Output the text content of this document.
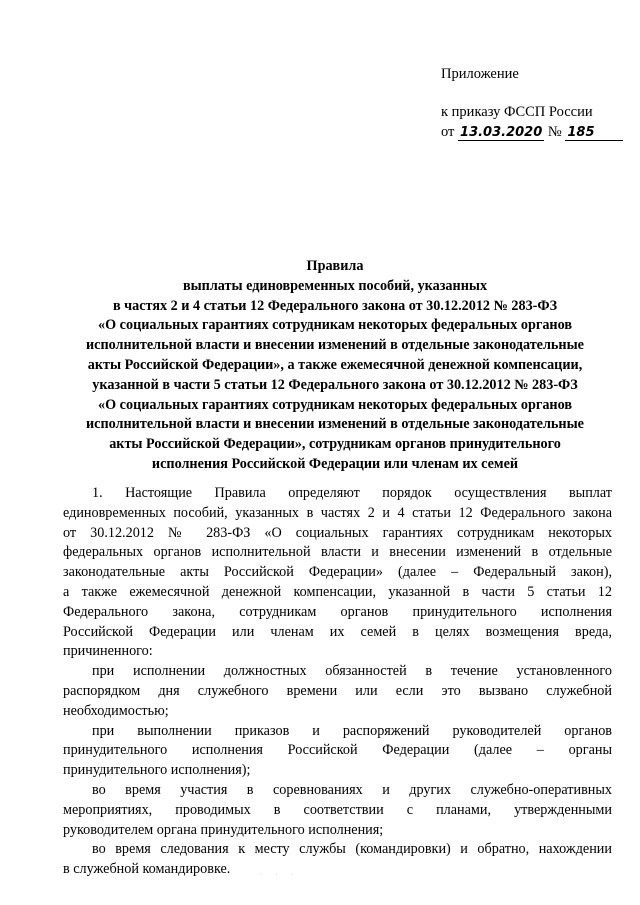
Приложение
к приказу ФССП России
от 13.03.2020 № 185
Правила
выплаты единовременных пособий, указанных
в частях 2 и 4 статьи 12 Федерального закона от 30.12.2012 № 283-ФЗ
«О социальных гарантиях сотрудникам некоторых федеральных органов
исполнительной власти и внесении изменений в отдельные законодательные
акты Российской Федерации», а также ежемесячной денежной компенсации,
указанной в части 5 статьи 12 Федерального закона от 30.12.2012 № 283-ФЗ
«О социальных гарантиях сотрудникам некоторых федеральных органов
исполнительной власти и внесении изменений в отдельные законодательные
акты Российской Федерации», сотрудникам органов принудительного
исполнения Российской Федерации или членам их семей
1. Настоящие Правила определяют порядок осуществления выплат
единовременных пособий, указанных в частях 2 и 4 статьи 12 Федерального закона
от 30.12.2012 № 283-ФЗ «О социальных гарантиях сотрудникам некоторых
федеральных органов исполнительной власти и внесении изменений в отдельные
законодательные акты Российской Федерации» (далее – Федеральный закон),
а также ежемесячной денежной компенсации, указанной в части 5 статьи 12
Федерального закона, сотрудникам органов принудительного исполнения
Российской Федерации или членам их семей в целях возмещения вреда,
причиненного:
при исполнении должностных обязанностей в течение установленного
распорядком дня служебного времени или если это вызвано служебной
необходимостью;
при выполнении приказов и распоряжений руководителей органов
принудительного исполнения Российской Федерации (далее – органы
принудительного исполнения);
во время участия в соревнованиях и других служебно-оперативных
мероприятиях, проводимых в соответствии с планами, утвержденными
руководителем органа принудительного исполнения;
во время следования к месту службы (командировки) и обратно, нахождении
в служебной командировке.	· · ·
